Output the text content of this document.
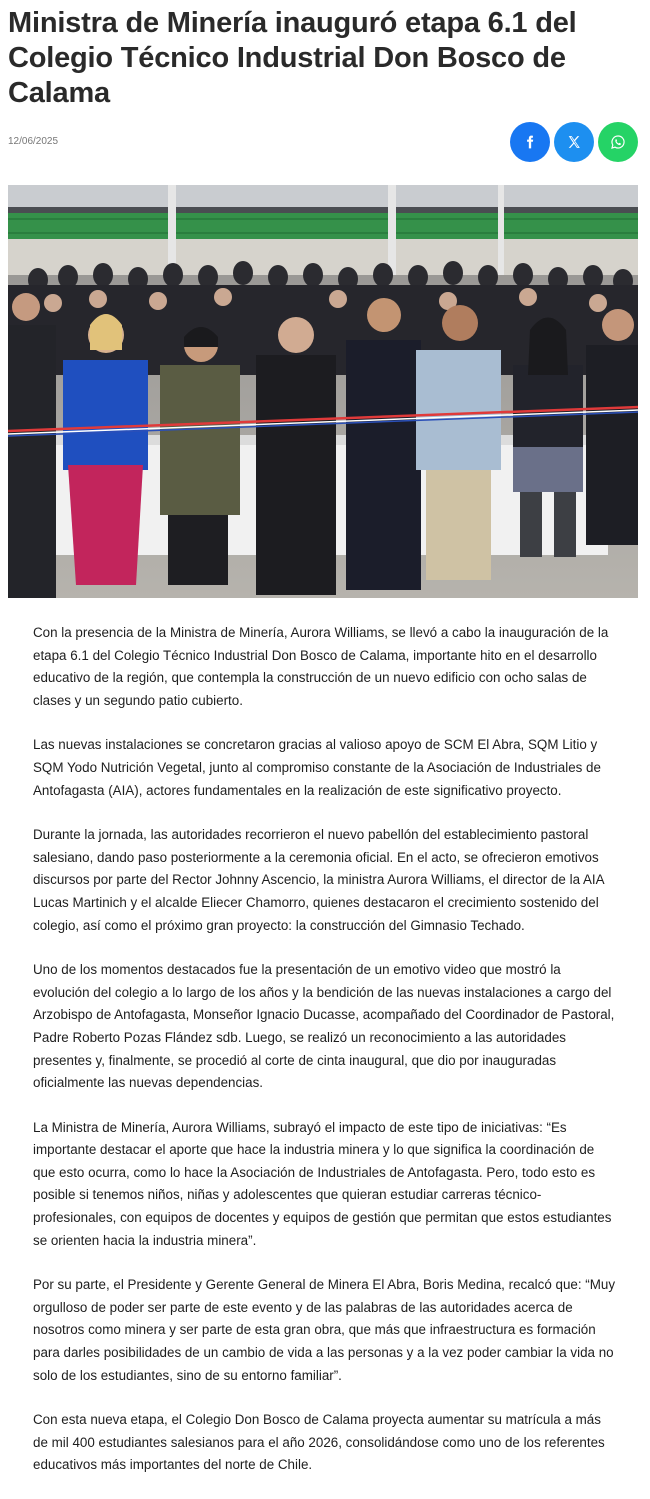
Ministra de Minería inauguró etapa 6.1 del Colegio Técnico Industrial Don Bosco de Calama
12/06/2025

Con la presencia de la Ministra de Minería, Aurora Williams, se llevó a cabo la inauguración de la etapa 6.1 del Colegio Técnico Industrial Don Bosco de Calama, importante hito en el desarrollo educativo de la región, que contempla la construcción de un nuevo edificio con ocho salas de clases y un segundo patio cubierto.

Las nuevas instalaciones se concretaron gracias al valioso apoyo de SCM El Abra, SQM Litio y SQM Yodo Nutrición Vegetal, junto al compromiso constante de la Asociación de Industriales de Antofagasta (AIA), actores fundamentales en la realización de este significativo proyecto.

Durante la jornada, las autoridades recorrieron el nuevo pabellón del establecimiento pastoral salesiano, dando paso posteriormente a la ceremonia oficial. En el acto, se ofrecieron emotivos discursos por parte del Rector Johnny Ascencio, la ministra Aurora Williams, el director de la AIA Lucas Martinich y el alcalde Eliecer Chamorro, quienes destacaron el crecimiento sostenido del colegio, así como el próximo gran proyecto: la construcción del Gimnasio Techado.

Uno de los momentos destacados fue la presentación de un emotivo video que mostró la evolución del colegio a lo largo de los años y la bendición de las nuevas instalaciones a cargo del Arzobispo de Antofagasta, Monseñor Ignacio Ducasse, acompañado del Coordinador de Pastoral, Padre Roberto Pozas Flández sdb. Luego, se realizó un reconocimiento a las autoridades presentes y, finalmente, se procedió al corte de cinta inaugural, que dio por inauguradas oficialmente las nuevas dependencias.

La Ministra de Minería, Aurora Williams, subrayó el impacto de este tipo de iniciativas: “Es importante destacar el aporte que hace la industria minera y lo que significa la coordinación de que esto ocurra, como lo hace la Asociación de Industriales de Antofagasta. Pero, todo esto es posible si tenemos niños, niñas y adolescentes que quieran estudiar carreras técnico-profesionales, con equipos de docentes y equipos de gestión que permitan que estos estudiantes se orienten hacia la industria minera”.

Por su parte, el Presidente y Gerente General de Minera El Abra, Boris Medina, recalcó que: “Muy orgulloso de poder ser parte de este evento y de las palabras de las autoridades acerca de nosotros como minera y ser parte de esta gran obra, que más que infraestructura es formación para darles posibilidades de un cambio de vida a las personas y a la vez poder cambiar la vida no solo de los estudiantes, sino de su entorno familiar”.

Con esta nueva etapa, el Colegio Don Bosco de Calama proyecta aumentar su matrícula a más de mil 400 estudiantes salesianos para el año 2026, consolidándose como uno de los referentes educativos más importantes del norte de Chile.
